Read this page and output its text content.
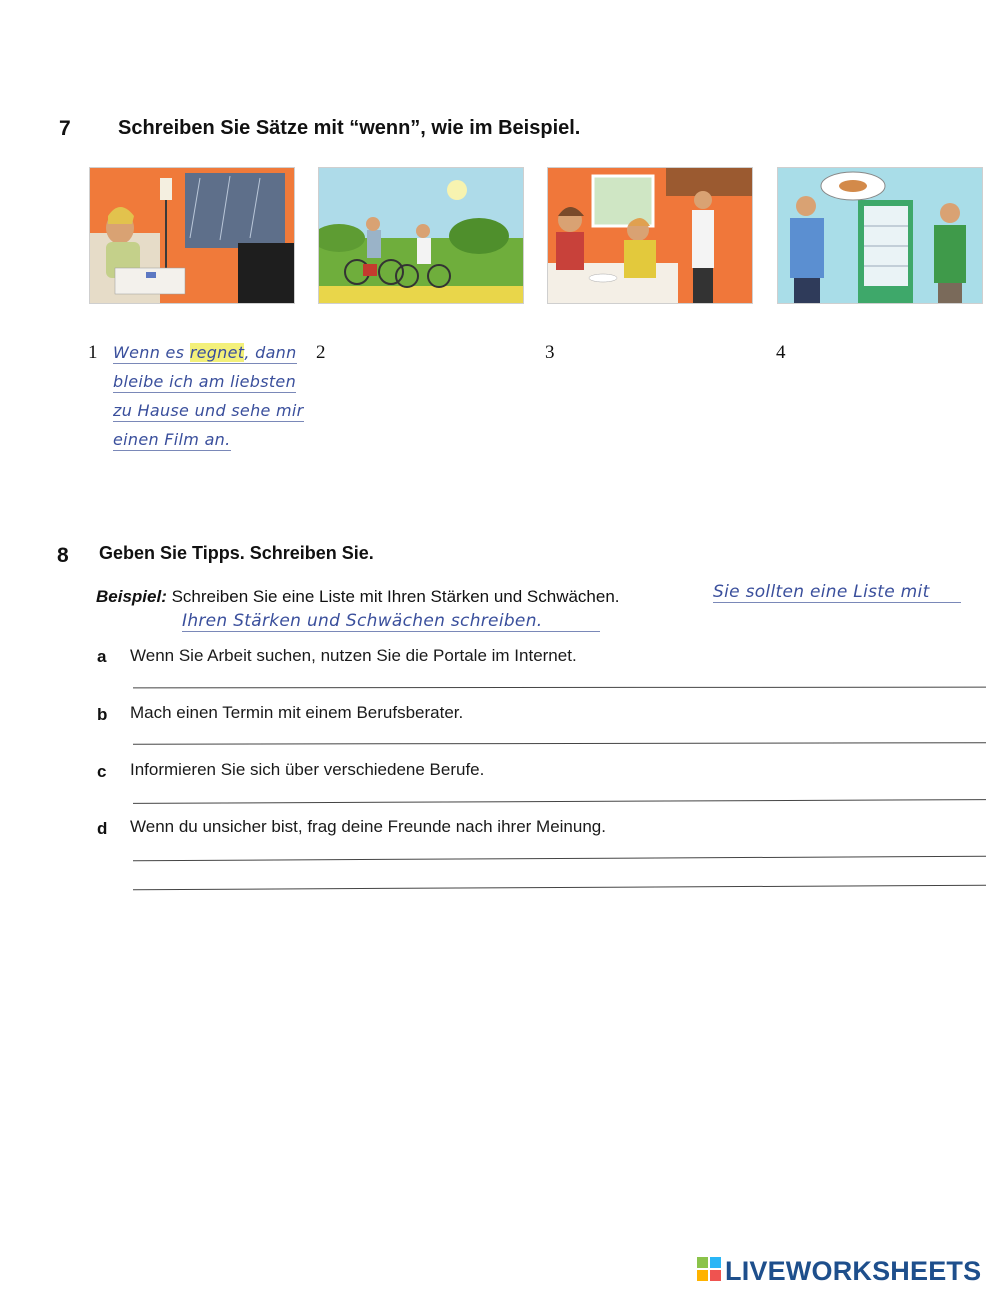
7 Schreiben Sie Sätze mit “wenn”, wie im Beispiel.
1	2	3	4
Wenn es regnet, dann
bleibe ich am liebsten
zu Hause und sehe mir
einen Film an.
8 Geben Sie Tipps. Schreiben Sie.
Beispiel: Schreiben Sie eine Liste mit Ihren Stärken und Schwächen.	Sie sollten eine Liste mit
Ihren Stärken und Schwächen schreiben.
a Wenn Sie Arbeit suchen, nutzen Sie die Portale im Internet.
b Mach einen Termin mit einem Berufsberater.
c Informieren Sie sich über verschiedene Berufe.
d Wenn du unsicher bist, frag deine Freunde nach ihrer Meinung.
LIVEWORKSHEETS
